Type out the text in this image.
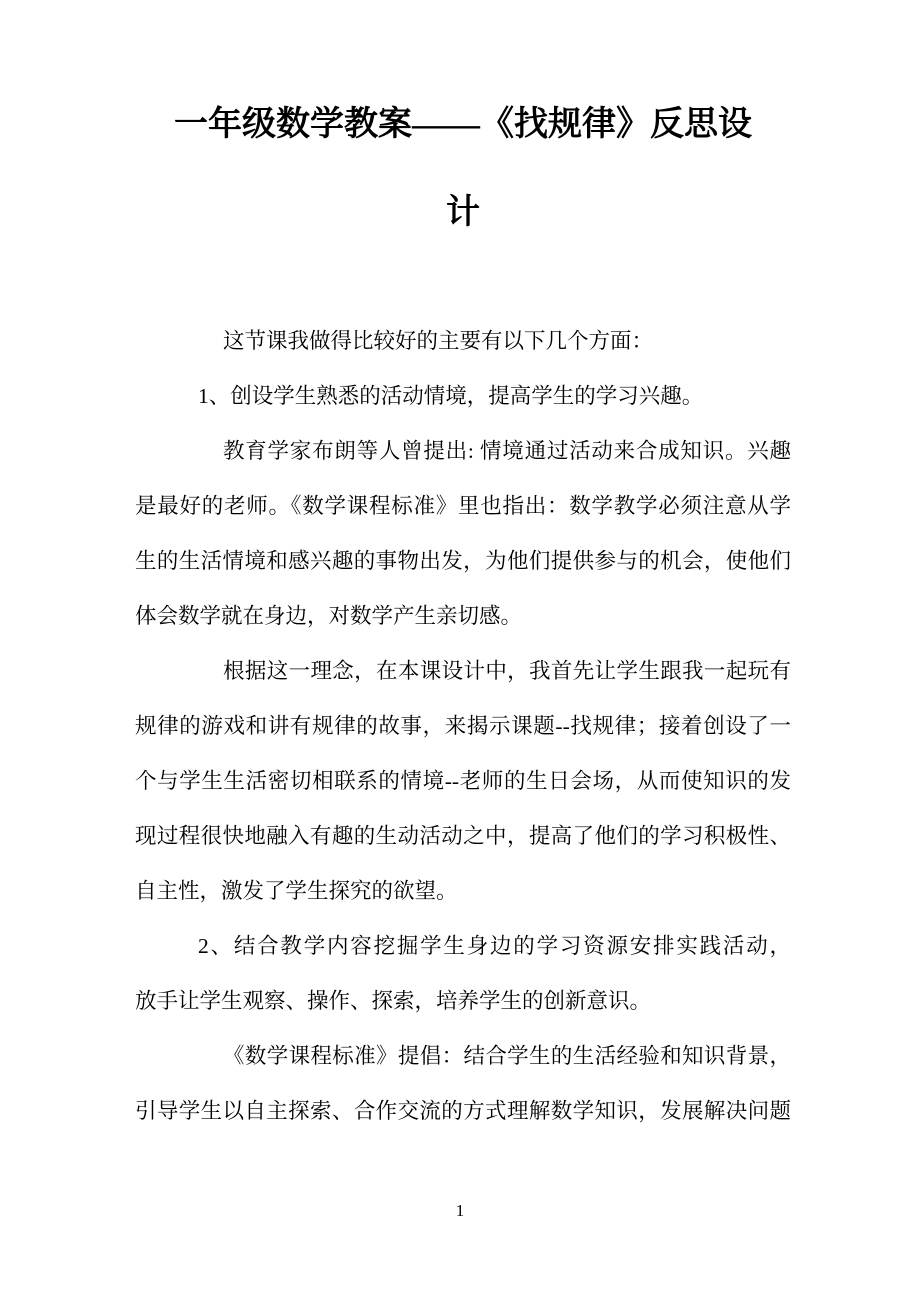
一年级数学教案——《找规律》反思设
计
这节课我做得比较好的主要有以下几个方面：
1、创设学生熟悉的活动情境，提高学生的学习兴趣。
教育学家布朗等人曾提出: 情境通过活动来合成知识。兴趣
是最好的老师。《数学课程标准》里也指出：数学教学必须注意从学
生的生活情境和感兴趣的事物出发，为他们提供参与的机会，使他们
体会数学就在身边，对数学产生亲切感。
根据这一理念，在本课设计中，我首先让学生跟我一起玩有
规律的游戏和讲有规律的故事，来揭示课题--找规律；接着创设了一
个与学生生活密切相联系的情境--老师的生日会场，从而使知识的发
现过程很快地融入有趣的生动活动之中，提高了他们的学习积极性、
自主性，激发了学生探究的欲望。
2、结合教学内容挖掘学生身边的学习资源安排实践活动，
放手让学生观察、操作、探索，培养学生的创新意识。
《数学课程标准》提倡：结合学生的生活经验和知识背景，
引导学生以自主探索、合作交流的方式理解数学知识，发展解决问题
1
